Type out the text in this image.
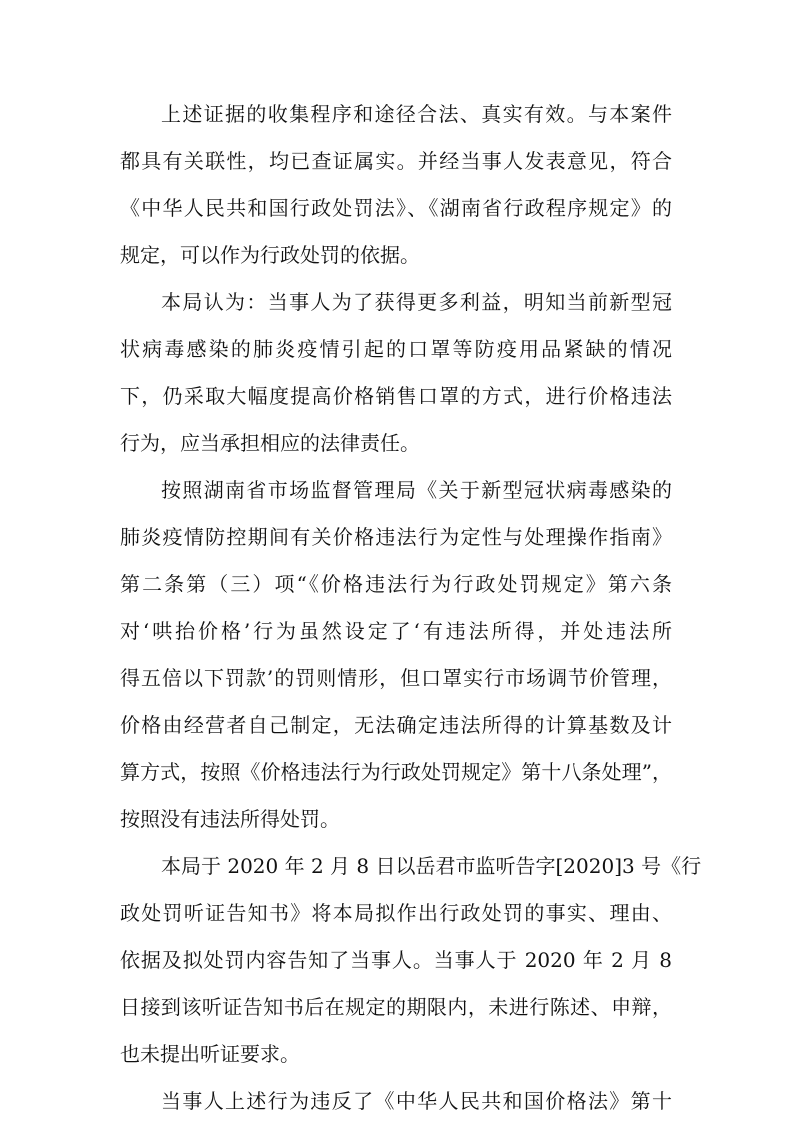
上述证据的收集程序和途径合法、真实有效。与本案件
都具有关联性，均已查证属实。并经当事人发表意见，符合
《中华人民共和国行政处罚法》、《湖南省行政程序规定》的
规定，可以作为行政处罚的依据。
本局认为：当事人为了获得更多利益，明知当前新型冠
状病毒感染的肺炎疫情引起的口罩等防疫用品紧缺的情况
下，仍采取大幅度提高价格销售口罩的方式，进行价格违法
行为，应当承担相应的法律责任。
按照湖南省市场监督管理局《关于新型冠状病毒感染的
肺炎疫情防控期间有关价格违法行为定性与处理操作指南》
第二条第（三）项“《价格违法行为行政处罚规定》第六条
对‘哄抬价格’行为虽然设定了‘有违法所得，并处违法所
得五倍以下罚款’的罚则情形，但口罩实行市场调节价管理，
价格由经营者自己制定，无法确定违法所得的计算基数及计
算方式，按照《价格违法行为行政处罚规定》第十八条处理”，
按照没有违法所得处罚。
本局于 2020 年 2 月 8 日以岳君市监听告字[2020]3 号《行
政处罚听证告知书》将本局拟作出行政处罚的事实、理由、
依据及拟处罚内容告知了当事人。当事人于 2020 年 2 月 8
日接到该听证告知书后在规定的期限内，未进行陈述、申辩，
也未提出听证要求。
当事人上述行为违反了《中华人民共和国价格法》第十
